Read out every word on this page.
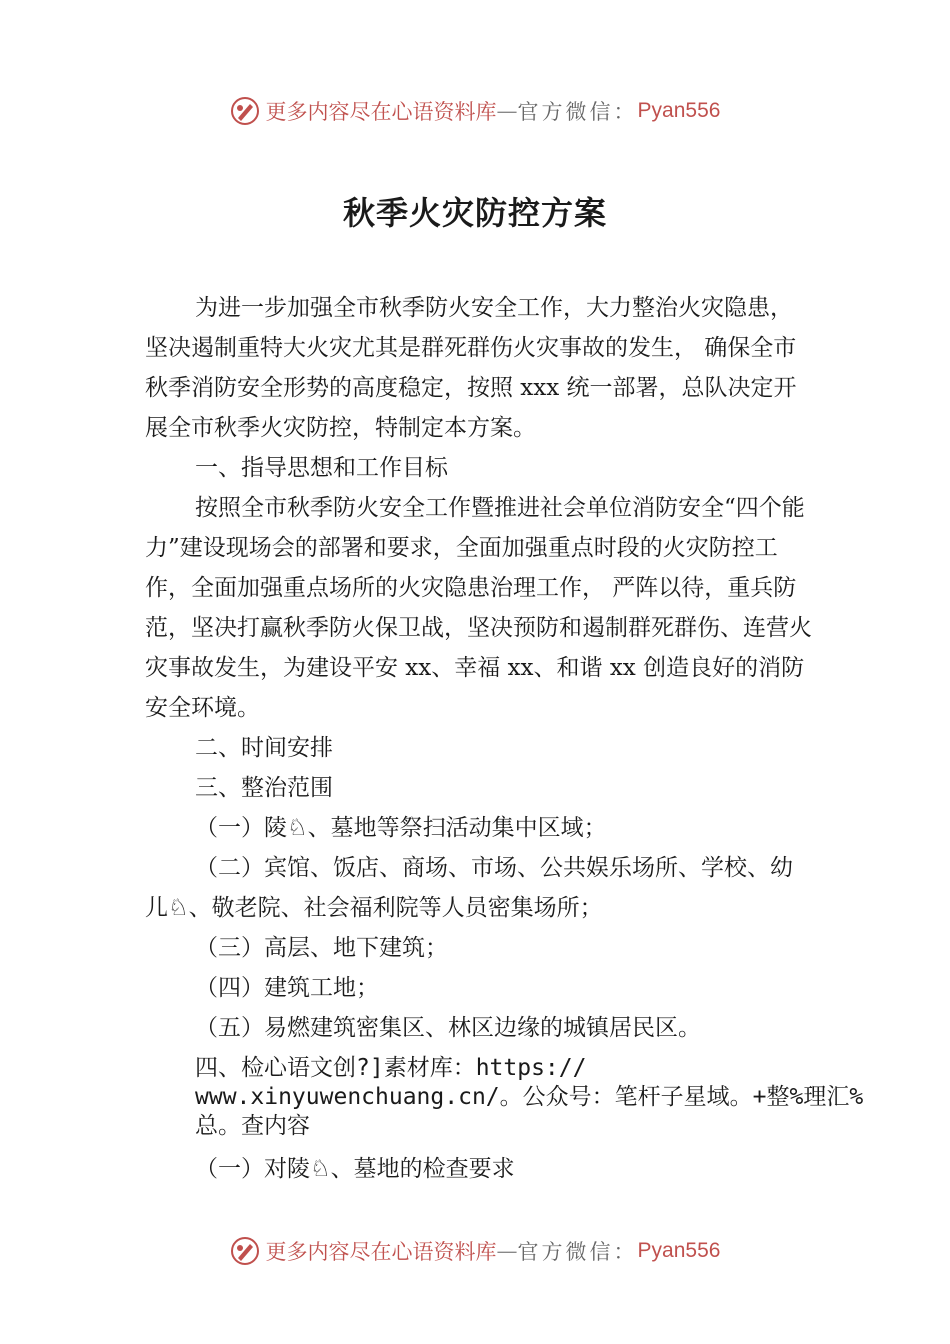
更多内容尽在心语资料库 — 官方微信： Pyan556
秋季火灾防控方案

为进一步加强全市秋季防火安全工作，大力整治火灾隐患，坚决遏制重特大火灾尤其是群死群伤火灾事故的发生， 确保全市秋季消防安全形势的高度稳定，按照 xxx 统一部署，总队决定开展全市秋季火灾防控，特制定本方案。

一、指导思想和工作目标

按照全市秋季防火安全工作暨推进社会单位消防安全“四个能力”建设现场会的部署和要求，全面加强重点时段的火灾防控工作，全面加强重点场所的火灾隐患治理工作， 严阵以待，重兵防范，坚决打赢秋季防火保卫战，坚决预防和遏制群死群伤、连营火灾事故发生，为建设平安 xx、幸福 xx、和谐 xx 创造良好的消防安全环境。

二、时间安排

三、整治范围

（一）陵♘、墓地等祭扫活动集中区域；

（二）宾馆、饭店、商场、市场、公共娱乐场所、学校、幼儿♘、敬老院、社会福利院等人员密集场所；

（三）高层、地下建筑；

（四）建筑工地；

（五）易燃建筑密集区、林区边缘的城镇居民区。

四、检心语文创?]素材库：https:// www.xinyuwenchuang.cn/。公众号：笔杆子星域。+整%理汇%总。查内容

（一）对陵♘、墓地的检查要求

更多内容尽在心语资料库 — 官方微信： Pyan556
